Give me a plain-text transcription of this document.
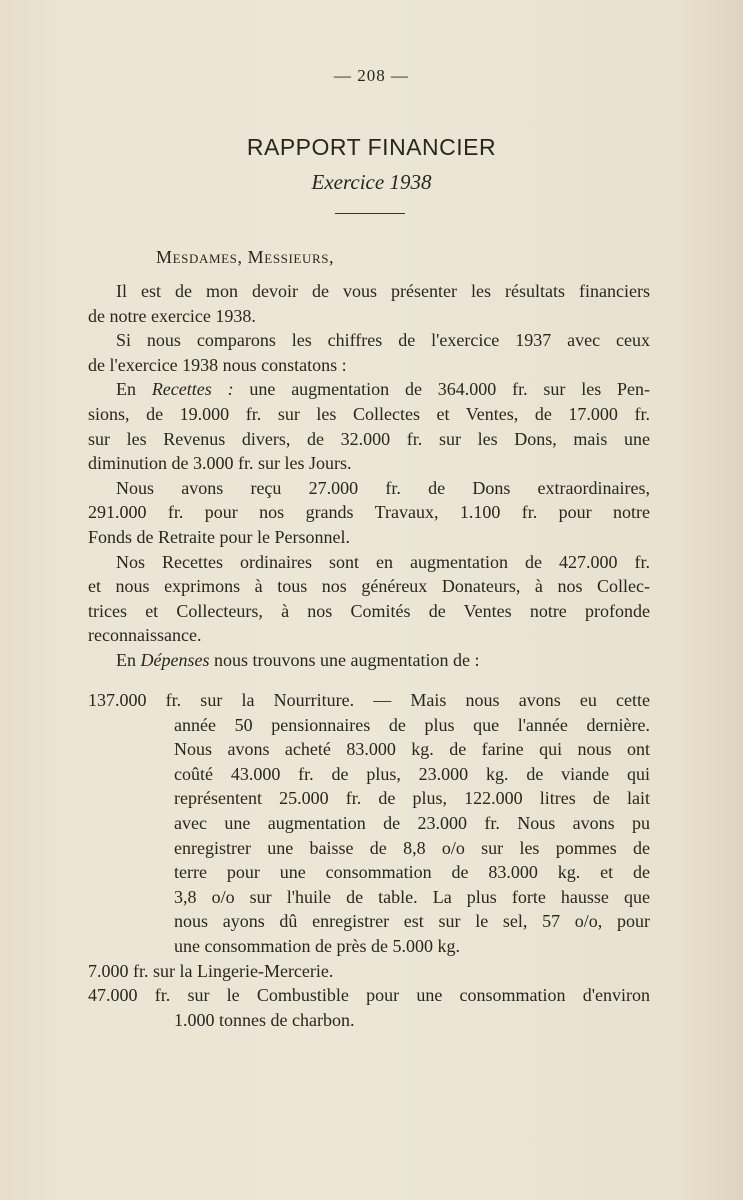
— 208 —
RAPPORT FINANCIER
Exercice 1938
Mesdames, Messieurs,

Il est de mon devoir de vous présenter les résultats financiers
de notre exercice 1938.

Si nous comparons les chiffres de l'exercice 1937 avec ceux
de l'exercice 1938 nous constatons :

En Recettes : une augmentation de 364.000 fr. sur les Pen-
sions, de 19.000 fr. sur les Collectes et Ventes, de 17.000 fr.
sur les Revenus divers, de 32.000 fr. sur les Dons, mais une
diminution de 3.000 fr. sur les Jours.

Nous avons reçu 27.000 fr. de Dons extraordinaires,
291.000 fr. pour nos grands Travaux, 1.100 fr. pour notre
Fonds de Retraite pour le Personnel.

Nos Recettes ordinaires sont en augmentation de 427.000 fr.
et nous exprimons à tous nos généreux Donateurs, à nos Collec-
trices et Collecteurs, à nos Comités de Ventes notre profonde
reconnaissance.

En Dépenses nous trouvons une augmentation de :

137.000 fr. sur la Nourriture. — Mais nous avons eu cette
année 50 pensionnaires de plus que l'année dernière.
Nous avons acheté 83.000 kg. de farine qui nous ont
coûté 43.000 fr. de plus, 23.000 kg. de viande qui
représentent 25.000 fr. de plus, 122.000 litres de lait
avec une augmentation de 23.000 fr. Nous avons pu
enregistrer une baisse de 8,8 o/o sur les pommes de
terre pour une consommation de 83.000 kg. et de
3,8 o/o sur l'huile de table. La plus forte hausse que
nous ayons dû enregistrer est sur le sel, 57 o/o, pour
une consommation de près de 5.000 kg.
7.000 fr. sur la Lingerie-Mercerie.
47.000 fr. sur le Combustible pour une consommation d'environ
1.000 tonnes de charbon.
